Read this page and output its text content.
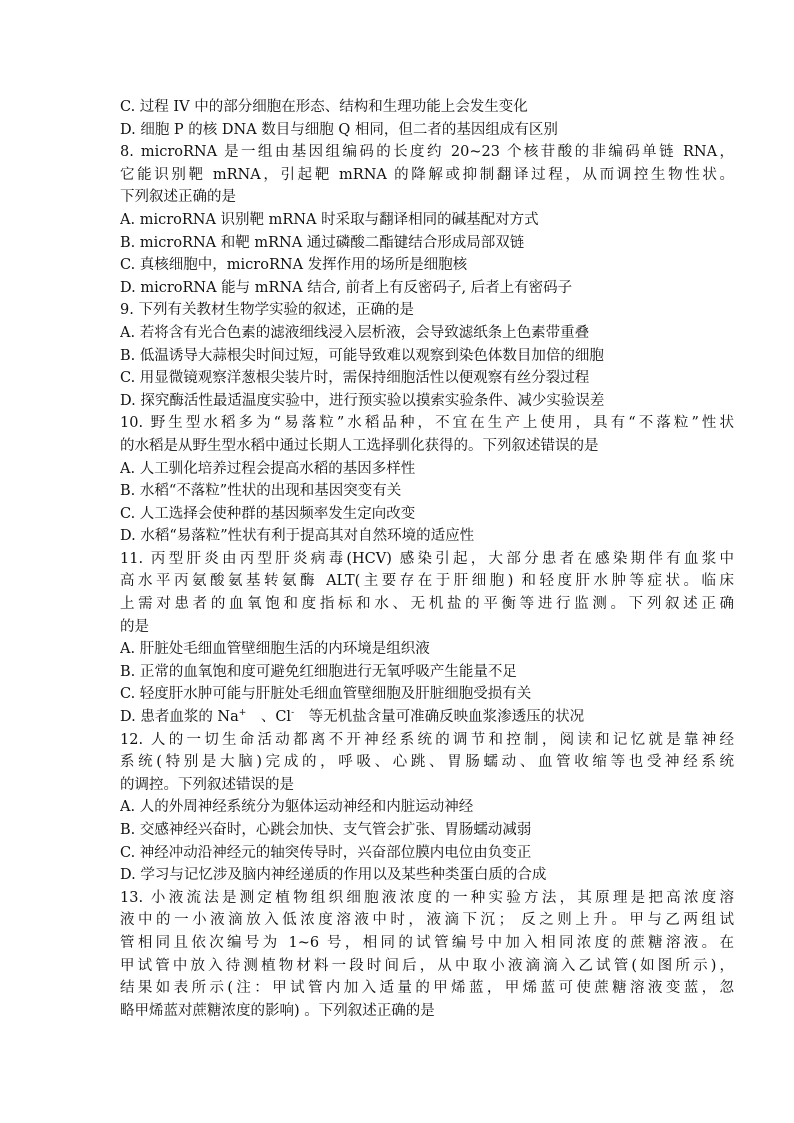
C. 过程 IV 中的部分细胞在形态、结构和生理功能上会发生变化
D. 细胞 P 的核 DNA 数目与细胞 Q 相同，但二者的基因组成有区别
8. microRNA 是一组由基因组编码的长度约 20~23 个核苷酸的非编码单链 RNA，
它能识别靶 mRNA，引起靶 mRNA 的降解或抑制翻译过程，从而调控生物性状。
下列叙述正确的是
A. microRNA 识别靶 mRNA 时采取与翻译相同的碱基配对方式
B. microRNA 和靶 mRNA 通过磷酸二酯键结合形成局部双链
C. 真核细胞中，microRNA 发挥作用的场所是细胞核
D. microRNA 能与 mRNA 结合, 前者上有反密码子, 后者上有密码子
9. 下列有关教材生物学实验的叙述，正确的是
A. 若将含有光合色素的滤液细线浸入层析液，会导致滤纸条上色素带重叠
B. 低温诱导大蒜根尖时间过短，可能导致难以观察到染色体数目加倍的细胞
C. 用显微镜观察洋葱根尖装片时，需保持细胞活性以便观察有丝分裂过程
D. 探究酶活性最适温度实验中，进行预实验以摸索实验条件、减少实验误差
10. 野生型水稻多为“易落粒”水稻品种，不宜在生产上使用，具有“不落粒”性状
的水稻是从野生型水稻中通过长期人工选择驯化获得的。下列叙述错误的是
A. 人工驯化培养过程会提高水稻的基因多样性
B. 水稻“不落粒”性状的出现和基因突变有关
C. 人工选择会使种群的基因频率发生定向改变
D. 水稻“易落粒”性状有利于提高其对自然环境的适应性
11. 丙型肝炎由丙型肝炎病毒(HCV) 感染引起，大部分患者在感染期伴有血浆中
高水平丙氨酸氨基转氨酶 ALT(主要存在于肝细胞) 和轻度肝水肿等症状。临床
上需对患者的血氧饱和度指标和水、无机盐的平衡等进行监测。下列叙述正确
的是
A. 肝脏处毛细血管壁细胞生活的内环境是组织液
B. 正常的血氧饱和度可避免红细胞进行无氧呼吸产生能量不足
C. 轻度肝水肿可能与肝脏处毛细血管壁细胞及肝脏细胞受损有关
D. 患者血浆的 Na+　、Cl-　等无机盐含量可准确反映血浆渗透压的状况
12. 人的一切生命活动都离不开神经系统的调节和控制，阅读和记忆就是靠神经
系统(特别是大脑)完成的，呼吸、心跳、胃肠蠕动、血管收缩等也受神经系统
的调控。下列叙述错误的是
A. 人的外周神经系统分为躯体运动神经和内脏运动神经
B. 交感神经兴奋时，心跳会加快、支气管会扩张、胃肠蠕动减弱
C. 神经冲动沿神经元的轴突传导时，兴奋部位膜内电位由负变正
D. 学习与记忆涉及脑内神经递质的作用以及某些种类蛋白质的合成
13. 小液流法是测定植物组织细胞液浓度的一种实验方法，其原理是把高浓度溶
液中的一小液滴放入低浓度溶液中时，液滴下沉； 反之则上升。甲与乙两组试
管相同且依次编号为 1~6 号，相同的试管编号中加入相同浓度的蔗糖溶液。在
甲试管中放入待测植物材料一段时间后，从中取小液滴滴入乙试管(如图所示)，
结果如表所示(注：甲试管内加入适量的甲烯蓝，甲烯蓝可使蔗糖溶液变蓝，忽
略甲烯蓝对蔗糖浓度的影响) 。下列叙述正确的是
